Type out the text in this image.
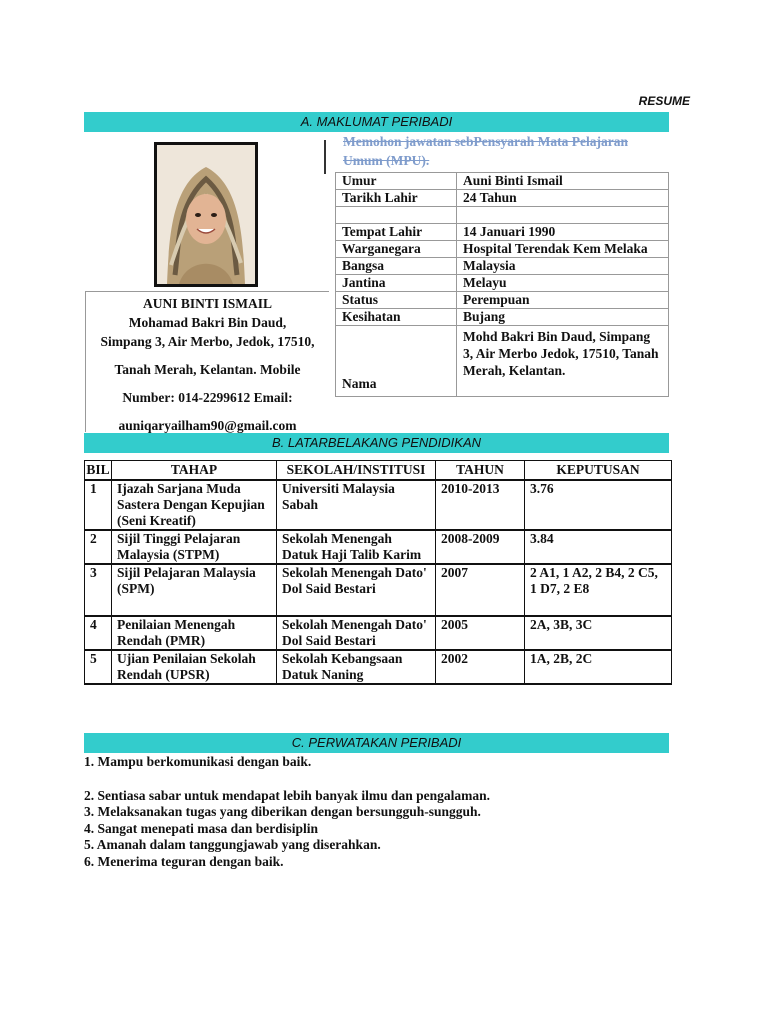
RESUME
A. MAKLUMAT PERIBADI
AUNI BINTI ISMAIL
Mohamad Bakri Bin Daud,
Simpang 3, Air Merbo, Jedok, 17510,
Tanah Merah, Kelantan. Mobile
Number: 014-2299612 Email:
auniqaryailham90@gmail.com
Memohon jawatan sebPensyarah Mata Pelajaran Umum (MPU).
Umur	Auni Binti Ismail
Tarikh Lahir	24 Tahun

Tempat Lahir	14 Januari 1990
Warganegara	Hospital Terendak Kem Melaka
Bangsa	Malaysia
Jantina	Melayu
Status	Perempuan
Kesihatan	Bujang
Nama	Mohd Bakri Bin Daud, Simpang 3, Air Merbo Jedok, 17510, Tanah Merah, Kelantan.
B. LATARBELAKANG PENDIDIKAN
BIL	TAHAP	SEKOLAH/INSTITUSI	TAHUN	KEPUTUSAN
1	Ijazah Sarjana Muda Sastera Dengan Kepujian (Seni Kreatif)	Universiti Malaysia Sabah	2010-2013	3.76
2	Sijil Tinggi Pelajaran Malaysia (STPM)	Sekolah Menengah Datuk Haji Talib Karim	2008-2009	3.84
3	Sijil Pelajaran Malaysia (SPM)	Sekolah Menengah Dato' Dol Said Bestari	2007	2 A1, 1 A2, 2 B4, 2 C5, 1 D7, 2 E8
4	Penilaian Menengah Rendah (PMR)	Sekolah Menengah Dato' Dol Said Bestari	2005	2A, 3B, 3C
5	Ujian Penilaian Sekolah Rendah (UPSR)	Sekolah Kebangsaan Datuk Naning	2002	1A, 2B, 2C
C. PERWATAKAN PERIBADI
1. Mampu berkomunikasi dengan baik.
2. Sentiasa sabar untuk mendapat lebih banyak ilmu dan pengalaman.
3. Melaksanakan tugas yang diberikan dengan bersungguh-sungguh.
4. Sangat menepati masa dan berdisiplin
5. Amanah dalam tanggungjawab yang diserahkan.
6. Menerima teguran dengan baik.
